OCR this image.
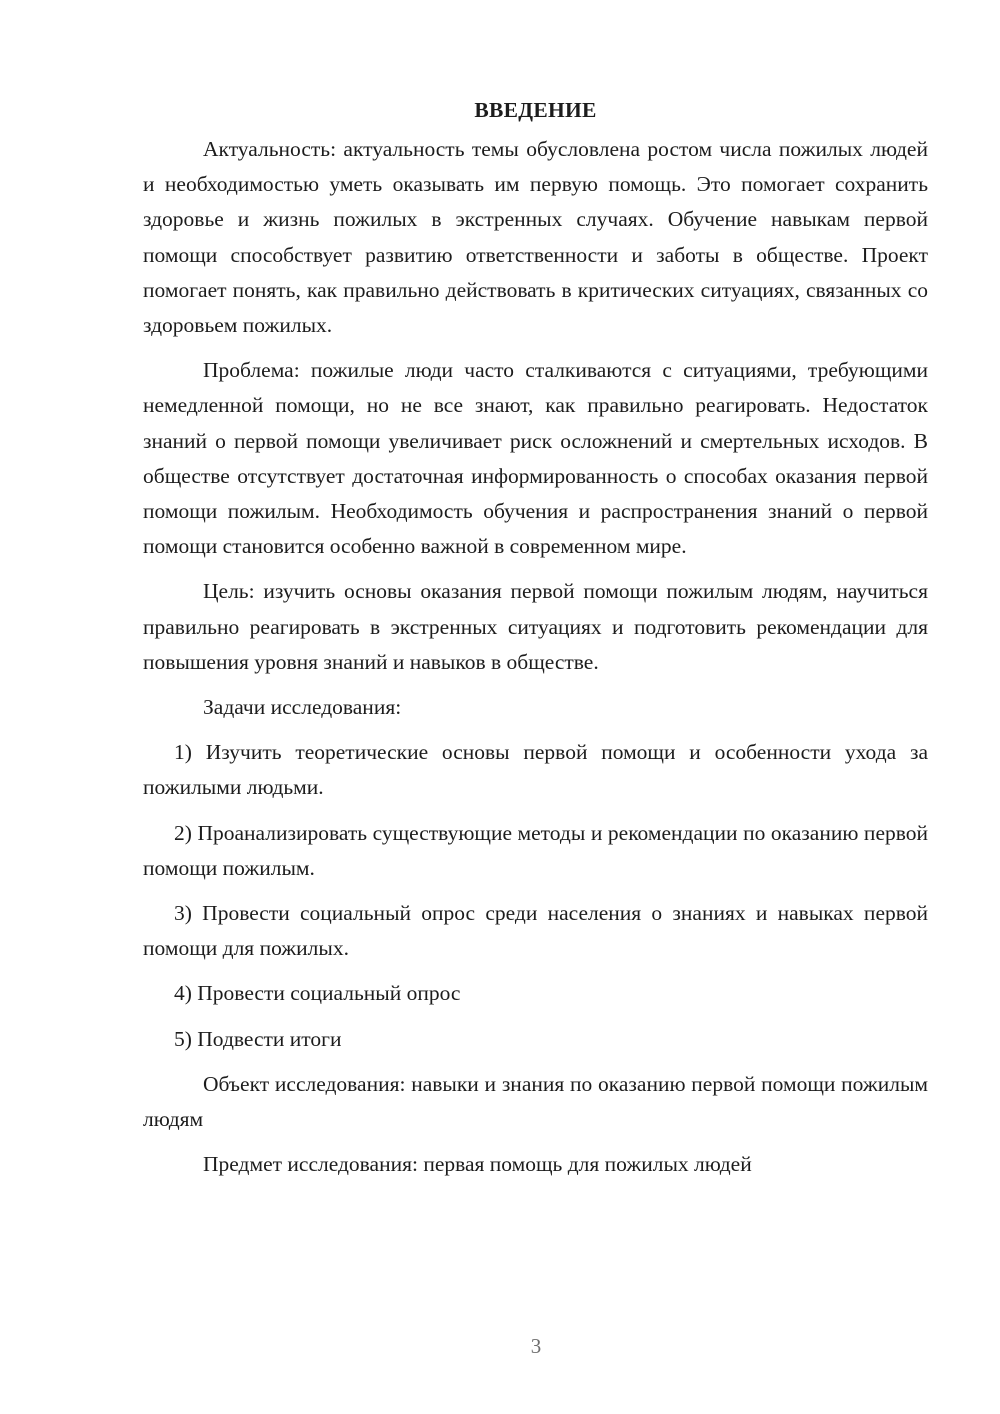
ВВЕДЕНИЕ

Актуальность: актуальность темы обусловлена ростом числа пожилых людей и необходимостью уметь оказывать им первую помощь. Это помогает сохранить здоровье и жизнь пожилых в экстренных случаях. Обучение навыкам первой помощи способствует развитию ответственности и заботы в обществе. Проект помогает понять, как правильно действовать в критических ситуациях, связанных со здоровьем пожилых.

Проблема: пожилые люди часто сталкиваются с ситуациями, требующими немедленной помощи, но не все знают, как правильно реагировать. Недостаток знаний о первой помощи увеличивает риск осложнений и смертельных исходов. В обществе отсутствует достаточная информированность о способах оказания первой помощи пожилым. Необходимость обучения и распространения знаний о первой помощи становится особенно важной в современном мире.

Цель: изучить основы оказания первой помощи пожилым людям, научиться правильно реагировать в экстренных ситуациях и подготовить рекомендации для повышения уровня знаний и навыков в обществе.

Задачи исследования:

1) Изучить теоретические основы первой помощи и особенности ухода за пожилыми людьми.

2) Проанализировать существующие методы и рекомендации по оказанию первой помощи пожилым.

3) Провести социальный опрос среди населения о знаниях и навыках первой помощи для пожилых.

4) Провести социальный опрос

5) Подвести итоги

Объект исследования: навыки и знания по оказанию первой помощи пожилым людям

Предмет исследования: первая помощь для пожилых людей

3
